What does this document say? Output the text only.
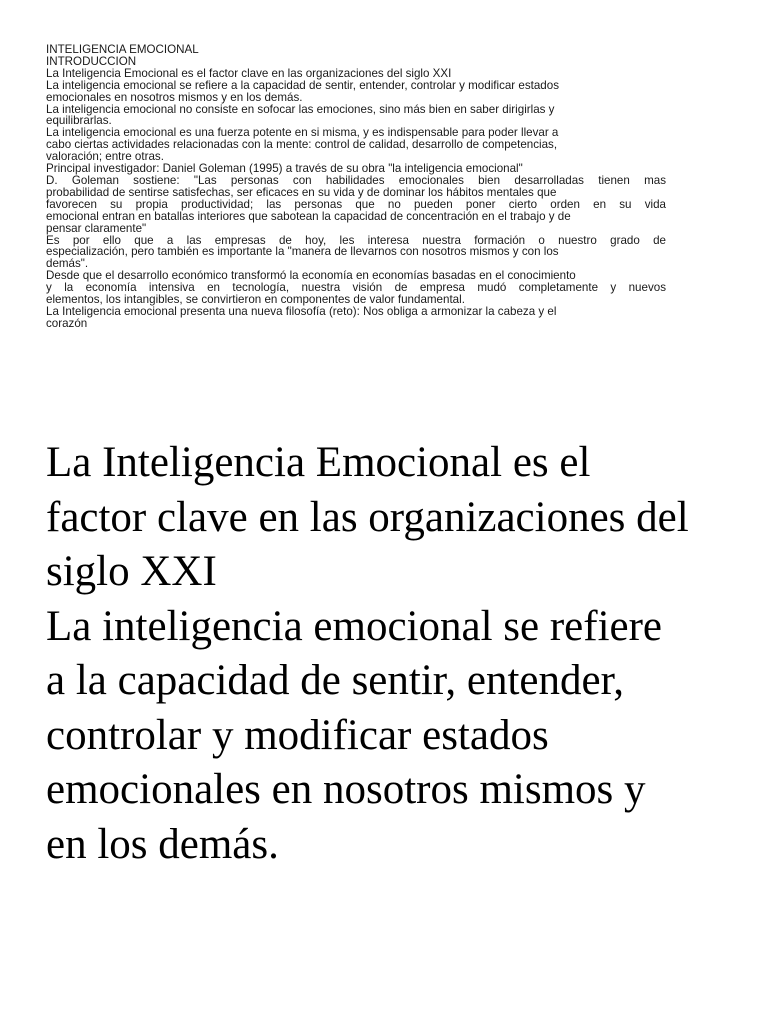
INTELIGENCIA EMOCIONAL
INTRODUCCION
La Inteligencia Emocional es el factor clave en las organizaciones del siglo XXI
La inteligencia emocional se refiere a la capacidad de sentir, entender, controlar y modificar estados
emocionales en nosotros mismos y en los demás.
La inteligencia emocional no consiste en sofocar las emociones, sino más bien en saber dirigirlas y
equilibrarlas.
La inteligencia emocional es una fuerza potente en si misma, y es indispensable para poder llevar a
cabo ciertas actividades relacionadas con la mente: control de calidad, desarrollo de competencias,
valoración; entre otras.
Principal investigador: Daniel Goleman (1995) a través de su obra "la inteligencia emocional"
D. Goleman sostiene: "Las personas con habilidades emocionales bien desarrolladas tienen mas
probabilidad de sentirse satisfechas, ser eficaces en su vida y de dominar los hábitos mentales que
favorecen su propia productividad; las personas que no pueden poner cierto orden en su vida
emocional entran en batallas interiores que sabotean la capacidad de concentración en el trabajo y de
pensar claramente"
Es por ello que a las empresas de hoy, les interesa nuestra formación o nuestro grado de
especialización, pero también es importante la "manera de llevarnos con nosotros mismos y con los
demás".
Desde que el desarrollo económico transformó la economía en economías basadas en el conocimiento
y la economía intensiva en tecnología, nuestra visión de empresa mudó completamente y nuevos
elementos, los intangibles, se convirtieron en componentes de valor fundamental.
La Inteligencia emocional presenta una nueva filosofía (reto): Nos obliga a armonizar la cabeza y el
corazón
La Inteligencia Emocional es el
factor clave en las organizaciones del
siglo XXI
La inteligencia emocional se refiere
a la capacidad de sentir, entender,
controlar y modificar estados
emocionales en nosotros mismos y
en los demás.
